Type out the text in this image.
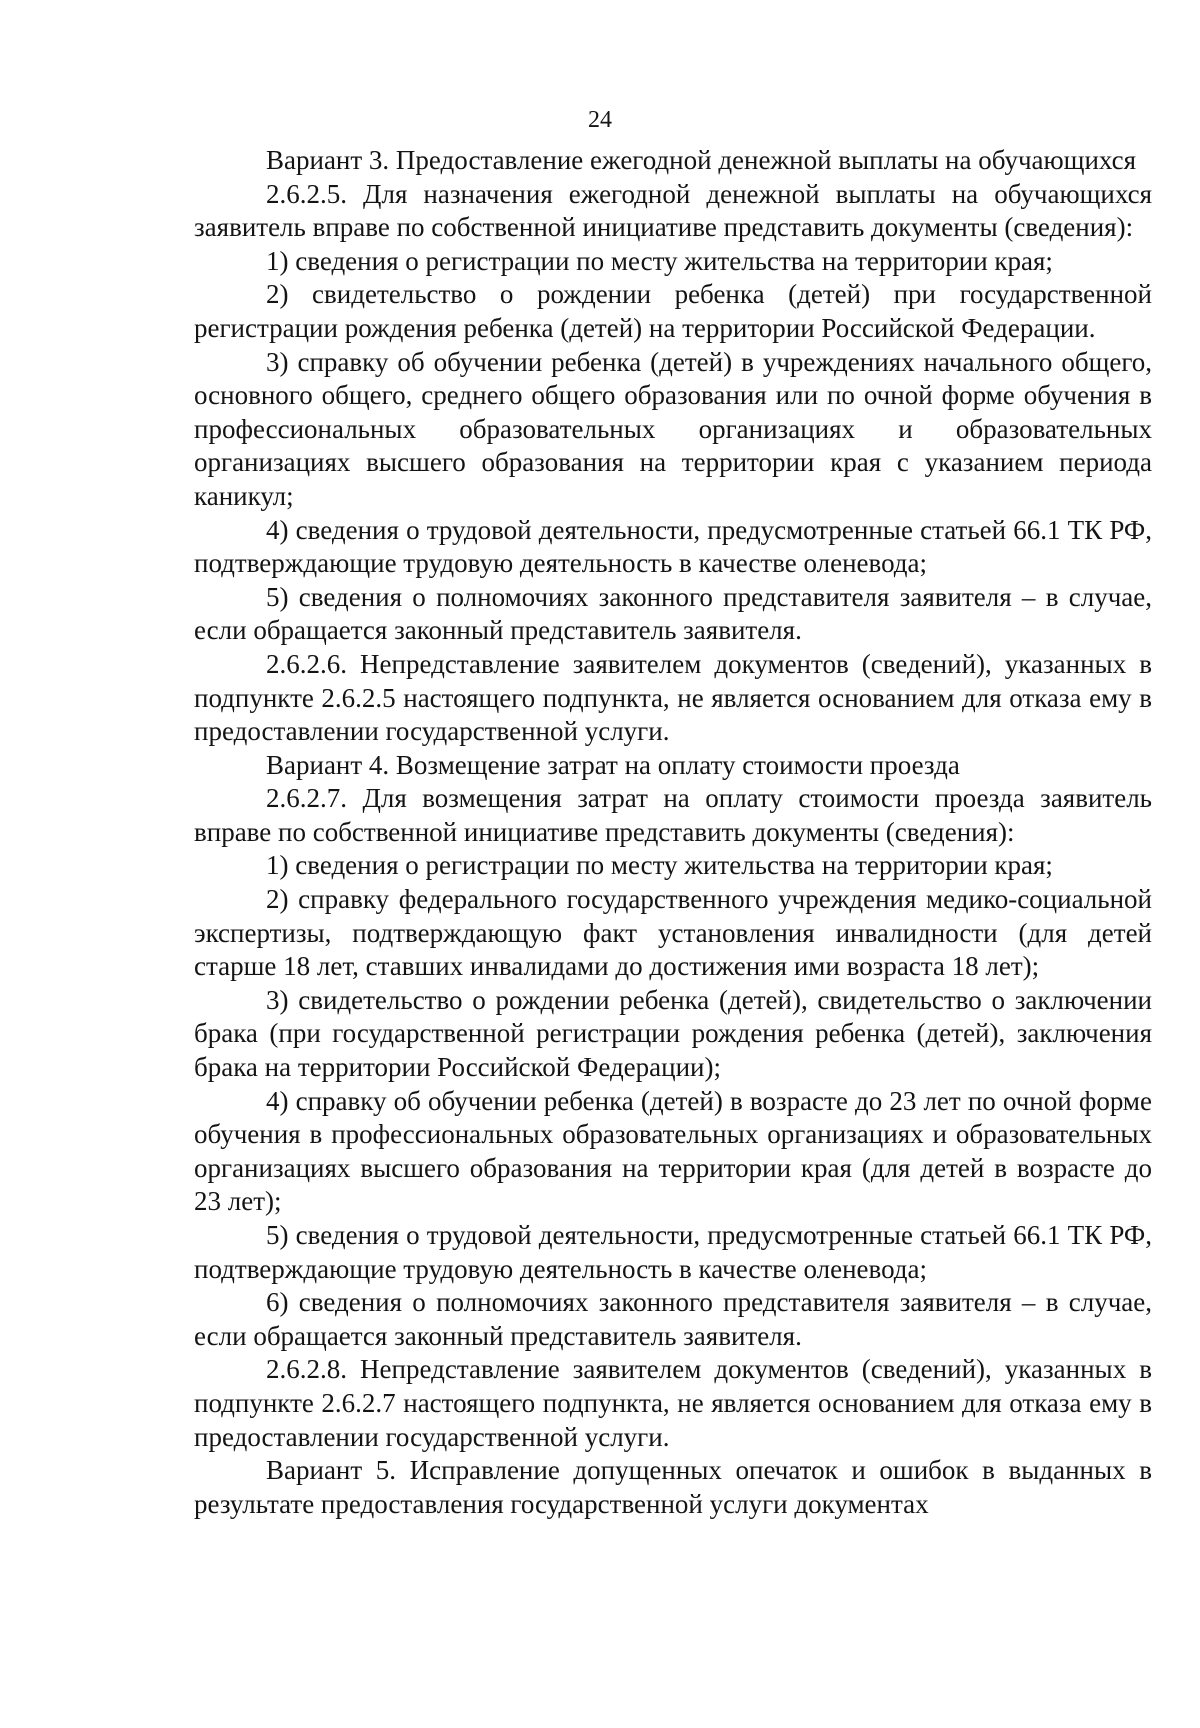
24

Вариант 3. Предоставление ежегодной денежной выплаты на обучающихся

2.6.2.5. Для назначения ежегодной денежной выплаты на обучающихся заявитель вправе по собственной инициативе представить документы (сведения):

1) сведения о регистрации по месту жительства на территории края;

2) свидетельство о рождении ребенка (детей) при государственной регистрации рождения ребенка (детей) на территории Российской Федерации.

3) справку об обучении ребенка (детей) в учреждениях начального общего, основного общего, среднего общего образования или по очной форме обучения в профессиональных образовательных организациях и образовательных организациях высшего образования на территории края с указанием периода каникул;

4) сведения о трудовой деятельности, предусмотренные статьей 66.1 ТК РФ, подтверждающие трудовую деятельность в качестве оленевода;

5) сведения о полномочиях законного представителя заявителя – в случае, если обращается законный представитель заявителя.

2.6.2.6. Непредставление заявителем документов (сведений), указанных в подпункте 2.6.2.5 настоящего подпункта, не является основанием для отказа ему в предоставлении государственной услуги.

Вариант 4. Возмещение затрат на оплату стоимости проезда

2.6.2.7. Для возмещения затрат на оплату стоимости проезда заявитель вправе по собственной инициативе представить документы (сведения):

1) сведения о регистрации по месту жительства на территории края;

2) справку федерального государственного учреждения медико-социальной экспертизы, подтверждающую факт установления инвалидности (для детей старше 18 лет, ставших инвалидами до достижения ими возраста 18 лет);

3) свидетельство о рождении ребенка (детей), свидетельство о заключении брака (при государственной регистрации рождения ребенка (детей), заключения брака на территории Российской Федерации);

4) справку об обучении ребенка (детей) в возрасте до 23 лет по очной форме обучения в профессиональных образовательных организациях и образовательных организациях высшего образования на территории края (для детей в возрасте до 23 лет);

5) сведения о трудовой деятельности, предусмотренные статьей 66.1 ТК РФ, подтверждающие трудовую деятельность в качестве оленевода;

6) сведения о полномочиях законного представителя заявителя – в случае, если обращается законный представитель заявителя.

2.6.2.8. Непредставление заявителем документов (сведений), указанных в подпункте 2.6.2.7 настоящего подпункта, не является основанием для отказа ему в предоставлении государственной услуги.

Вариант 5. Исправление допущенных опечаток и ошибок в выданных в результате предоставления государственной услуги документах
